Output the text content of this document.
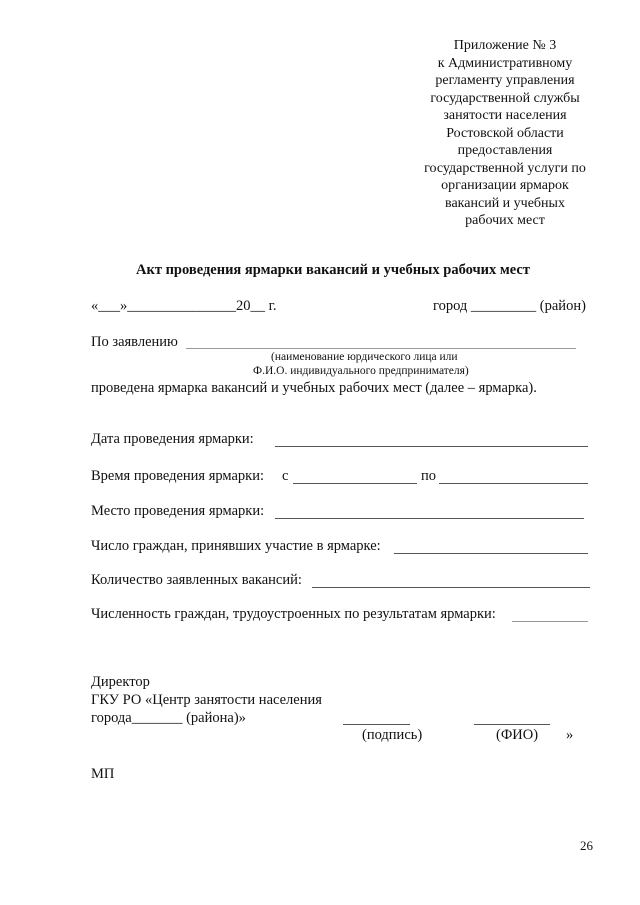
Приложение № 3
к Административному
регламенту управления
государственной службы
занятости населения
Ростовской области
предоставления
государственной услуги по
организации ярмарок
вакансий и учебных
рабочих мест
Акт проведения ярмарки вакансий и учебных рабочих мест
«___»_______________20__ г.	город _________ (район)
По заявлению
(наименование юрдического лица или
Ф.И.О. индивидуального предпринимателя)
проведена ярмарка вакансий и учебных рабочих мест (далее – ярмарка).
Дата проведения ярмарки:
Время проведения ярмарки: с	по
Место проведения ярмарки:
Число граждан, принявших участие в ярмарке:
Количество заявленных вакансий:
Численность граждан, трудоустроенных по результатам ярмарки:
Директор
ГКУ РО «Центр занятости населения
города_______ (района)»
(подпись)	(ФИО) »
МП
26
